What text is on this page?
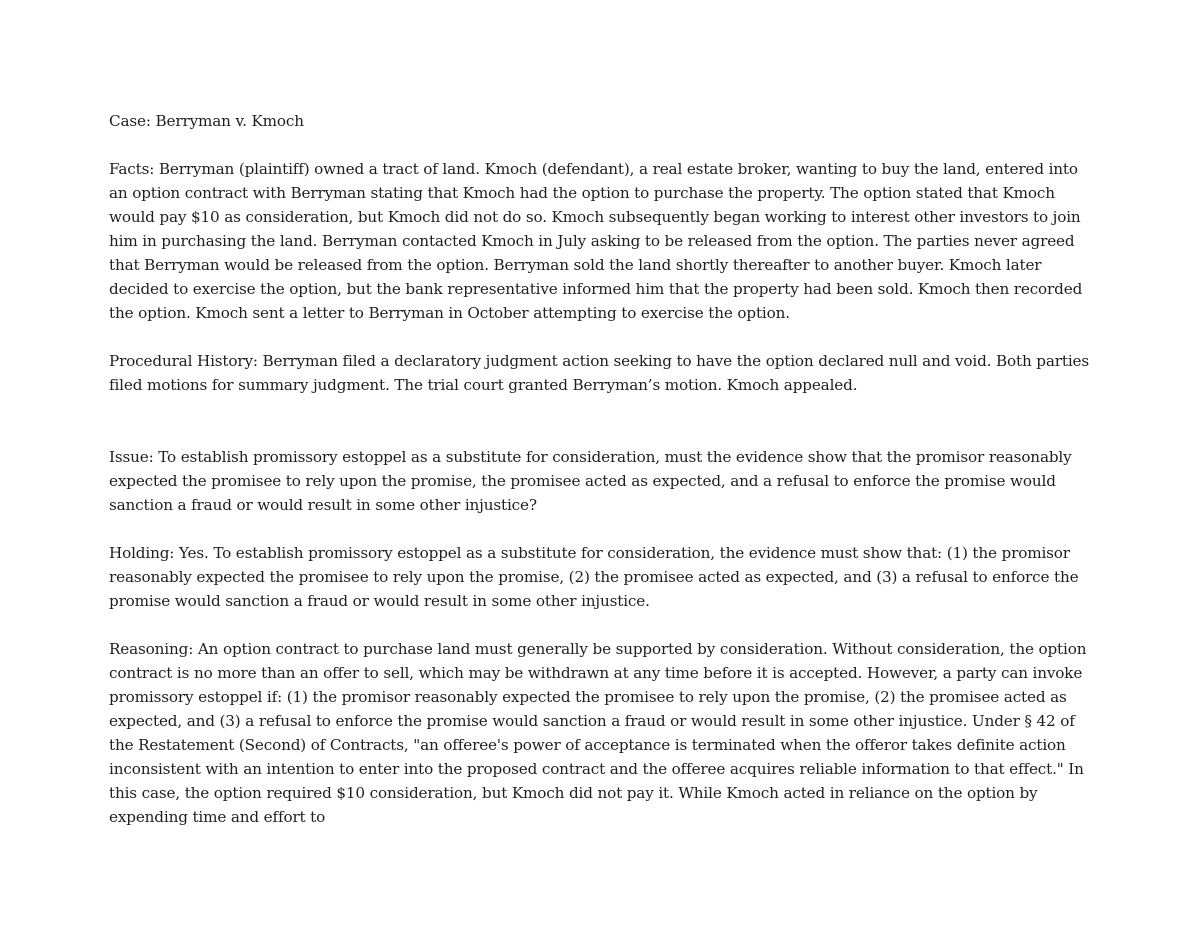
Case: Berryman v. Kmoch

Facts: Berryman (plaintiff) owned a tract of land. Kmoch (defendant), a real estate broker, wanting to buy the land, entered into an option contract with Berryman stating that Kmoch had the option to purchase the property. The option stated that Kmoch would pay $10 as consideration, but Kmoch did not do so. Kmoch subsequently began working to interest other investors to join him in purchasing the land. Berryman contacted Kmoch in July asking to be released from the option. The parties never agreed that Berryman would be released from the option. Berryman sold the land shortly thereafter to another buyer. Kmoch later decided to exercise the option, but the bank representative informed him that the property had been sold. Kmoch then recorded the option. Kmoch sent a letter to Berryman in October attempting to exercise the option.

Procedural History: Berryman filed a declaratory judgment action seeking to have the option declared null and void. Both parties filed motions for summary judgment. The trial court granted Berryman’s motion. Kmoch appealed.

Issue: To establish promissory estoppel as a substitute for consideration, must the evidence show that the promisor reasonably expected the promisee to rely upon the promise, the promisee acted as expected, and a refusal to enforce the promise would sanction a fraud or would result in some other injustice?

Holding: Yes. To establish promissory estoppel as a substitute for consideration, the evidence must show that: (1) the promisor reasonably expected the promisee to rely upon the promise, (2) the promisee acted as expected, and (3) a refusal to enforce the promise would sanction a fraud or would result in some other injustice.

Reasoning: An option contract to purchase land must generally be supported by consideration. Without consideration, the option contract is no more than an offer to sell, which may be withdrawn at any time before it is accepted. However, a party can invoke promissory estoppel if: (1) the promisor reasonably expected the promisee to rely upon the promise, (2) the promisee acted as expected, and (3) a refusal to enforce the promise would sanction a fraud or would result in some other injustice. Under § 42 of the Restatement (Second) of Contracts, "an offeree's power of acceptance is terminated when the offeror takes definite action inconsistent with an intention to enter into the proposed contract and the offeree acquires reliable information to that effect." In this case, the option required $10 consideration, but Kmoch did not pay it. While Kmoch acted in reliance on the option by expending time and effort to
